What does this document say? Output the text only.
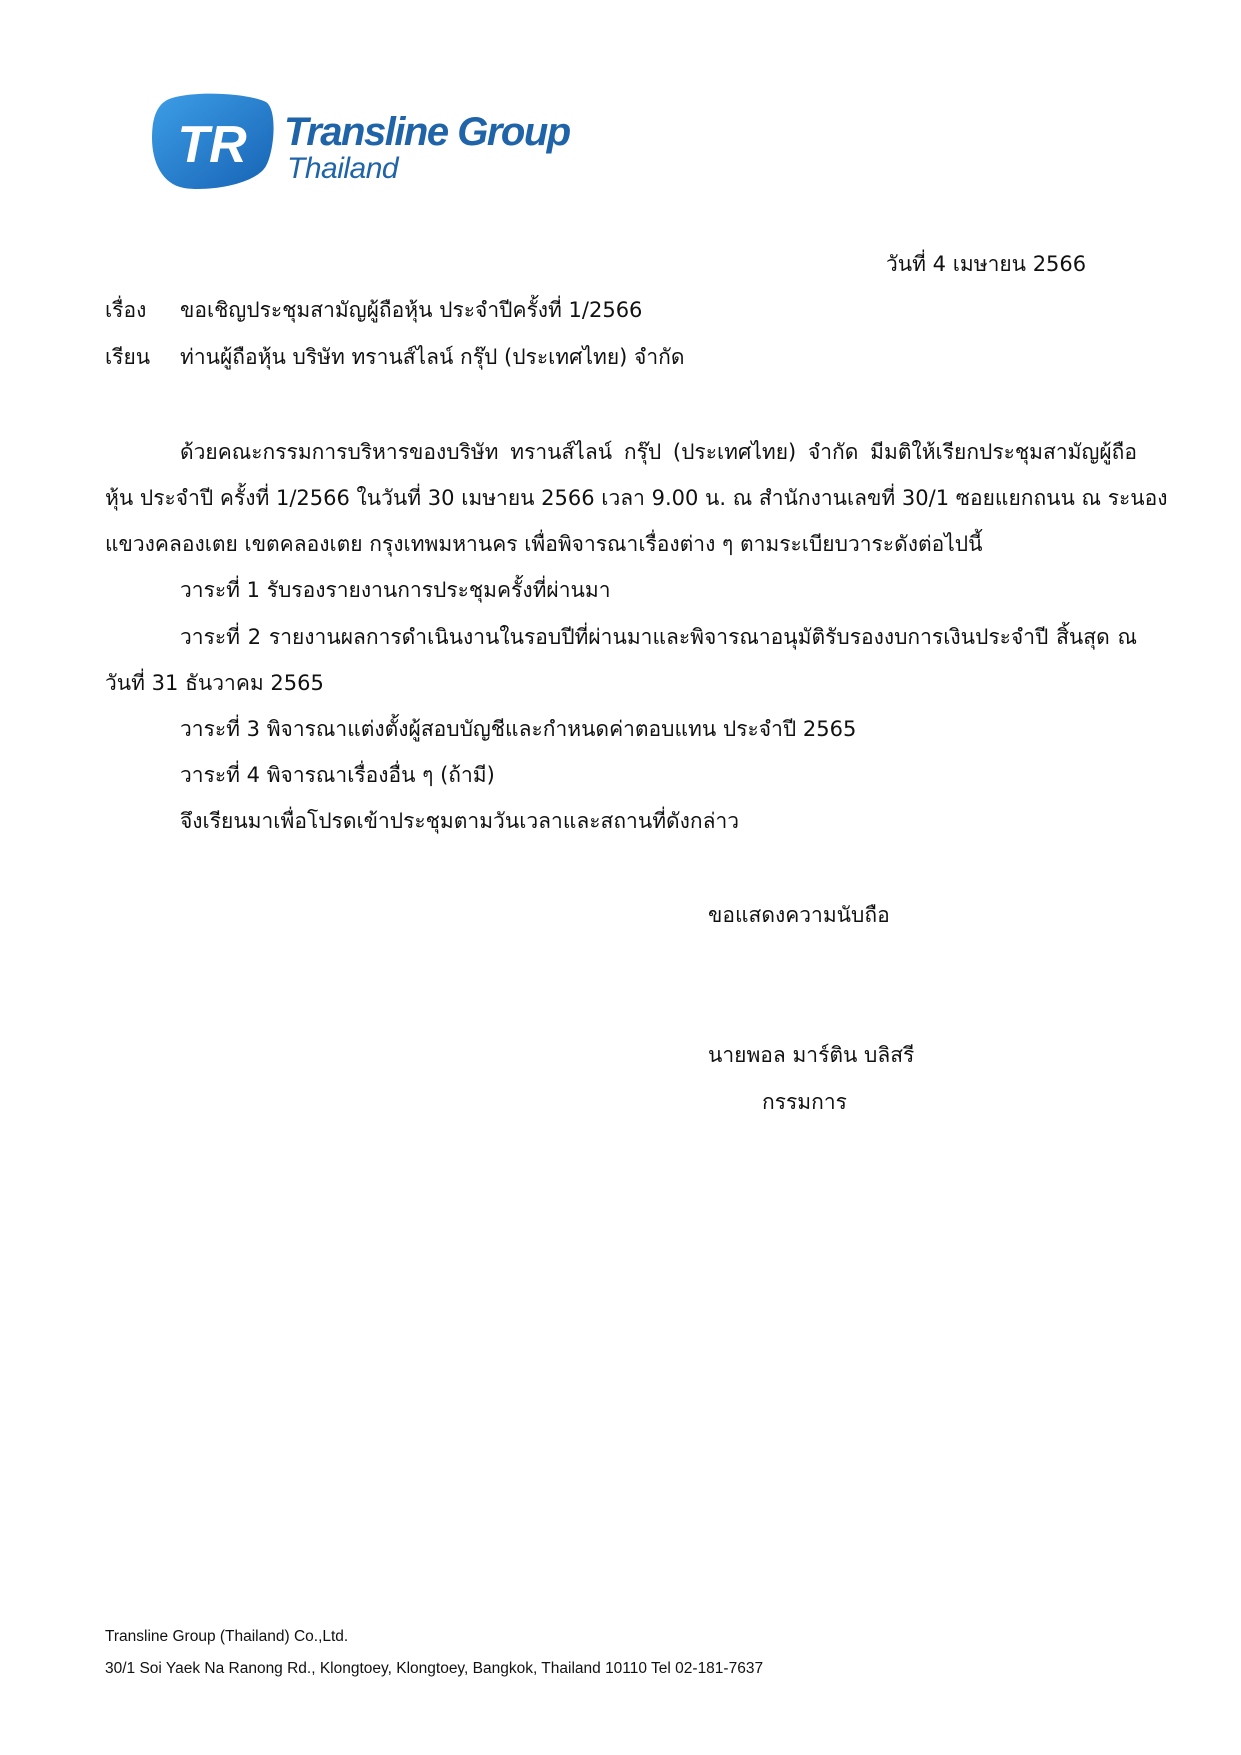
TR Transline Group
Thailand
วันที่ 4 เมษายน 2566
เรื่อง ขอเชิญประชุมสามัญผู้ถือหุ้น ประจำปีครั้งที่ 1/2566
เรียน ท่านผู้ถือหุ้น บริษัท ทรานส์ไลน์ กรุ๊ป (ประเทศไทย) จำกัด
ด้วยคณะกรรมการบริหารของบริษัท ทรานส์ไลน์ กรุ๊ป (ประเทศไทย) จำกัด มีมติให้เรียกประชุมสามัญผู้ถือ
หุ้น ประจำปี ครั้งที่ 1/2566 ในวันที่ 30 เมษายน 2566 เวลา 9.00 น. ณ สำนักงานเลขที่ 30/1 ซอยแยกถนน ณ ระนอง
แขวงคลองเตย เขตคลองเตย กรุงเทพมหานคร เพื่อพิจารณาเรื่องต่าง ๆ ตามระเบียบวาระดังต่อไปนี้
วาระที่ 1 รับรองรายงานการประชุมครั้งที่ผ่านมา
วาระที่ 2 รายงานผลการดำเนินงานในรอบปีที่ผ่านมาและพิจารณาอนุมัติรับรองงบการเงินประจำปี สิ้นสุด ณ
วันที่ 31 ธันวาคม 2565
วาระที่ 3 พิจารณาแต่งตั้งผู้สอบบัญชีและกำหนดค่าตอบแทน ประจำปี 2565
วาระที่ 4 พิจารณาเรื่องอื่น ๆ (ถ้ามี)
จึงเรียนมาเพื่อโปรดเข้าประชุมตามวันเวลาและสถานที่ดังกล่าว
ขอแสดงความนับถือ
นายพอล มาร์ติน บลิสรี
กรรมการ
Transline Group (Thailand) Co.,Ltd.
30/1 Soi Yaek Na Ranong Rd., Klongtoey, Klongtoey, Bangkok, Thailand 10110 Tel 02-181-7637
